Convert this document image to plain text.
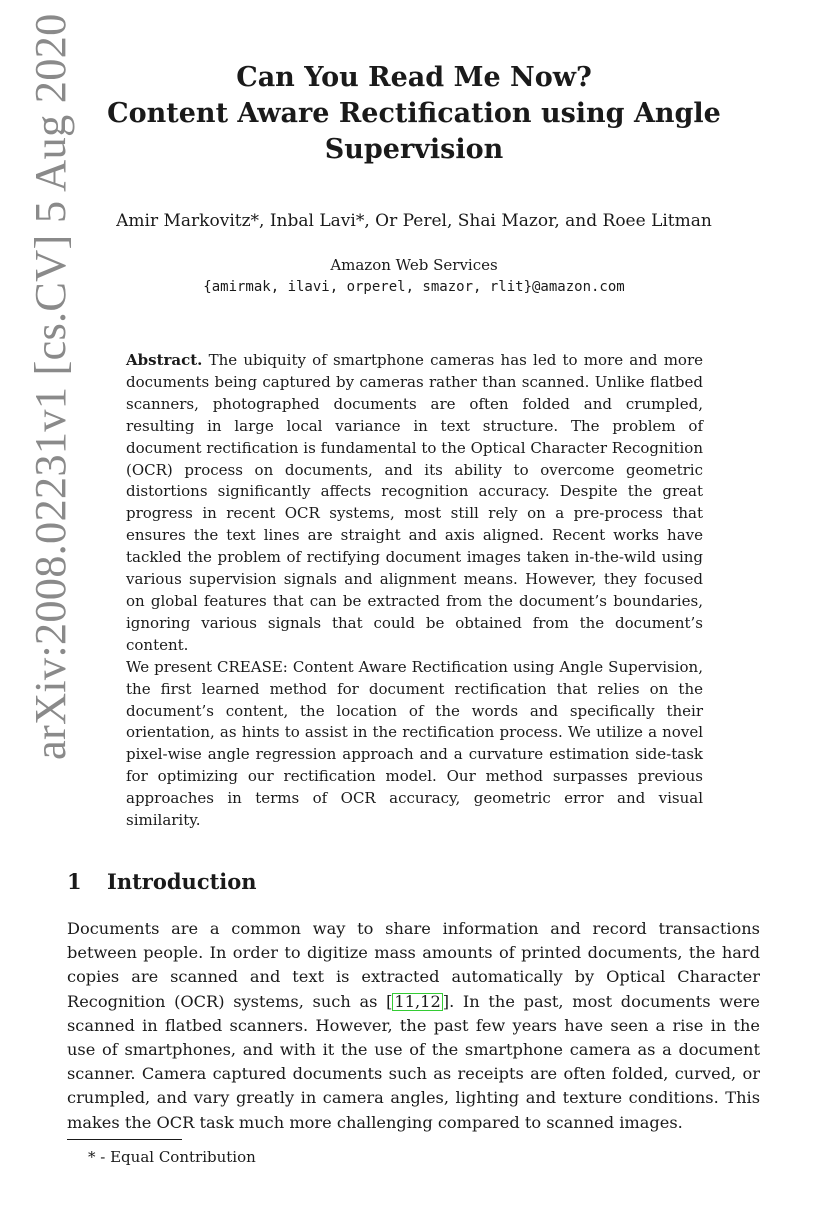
arXiv:2008.02231v1 [cs.CV] 5 Aug 2020	Can You Read Me Now?
Content Aware Rectification using Angle
Supervision
Amir Markovitz*, Inbal Lavi*, Or Perel, Shai Mazor, and Roee Litman
Amazon Web Services
{amirmak, ilavi, orperel, smazor, rlit}@amazon.com

Abstract. The ubiquity of smartphone cameras has led to more and more documents being captured by cameras rather than scanned. Unlike flatbed scanners, photographed documents are often folded and crumpled, resulting in large local variance in text structure. The problem of document rectification is fundamental to the Optical Character Recognition (OCR) process on documents, and its ability to overcome geometric distortions significantly affects recognition accuracy. Despite the great progress in recent OCR systems, most still rely on a pre-process that ensures the text lines are straight and axis aligned. Recent works have tackled the problem of rectifying document images taken in-the-wild using various supervision signals and alignment means. However, they focused on global features that can be extracted from the document’s boundaries, ignoring various signals that could be obtained from the document’s content.

We present CREASE: Content Aware Rectification using Angle Supervision, the first learned method for document rectification that relies on the document’s content, the location of the words and specifically their orientation, as hints to assist in the rectification process. We utilize a novel pixel-wise angle regression approach and a curvature estimation side-task for optimizing our rectification model. Our method surpasses previous approaches in terms of OCR accuracy, geometric error and visual similarity.

1 Introduction

Documents are a common way to share information and record transactions between people. In order to digitize mass amounts of printed documents, the hard copies are scanned and text is extracted automatically by Optical Character Recognition (OCR) systems, such as [ 11,12 ]. In the past, most documents were scanned in flatbed scanners. However, the past few years have seen a rise in the use of smartphones, and with it the use of the smartphone camera as a document scanner. Camera captured documents such as receipts are often folded, curved, or crumpled, and vary greatly in camera angles, lighting and texture conditions. This makes the OCR task much more challenging compared to scanned images.

* - Equal Contribution
